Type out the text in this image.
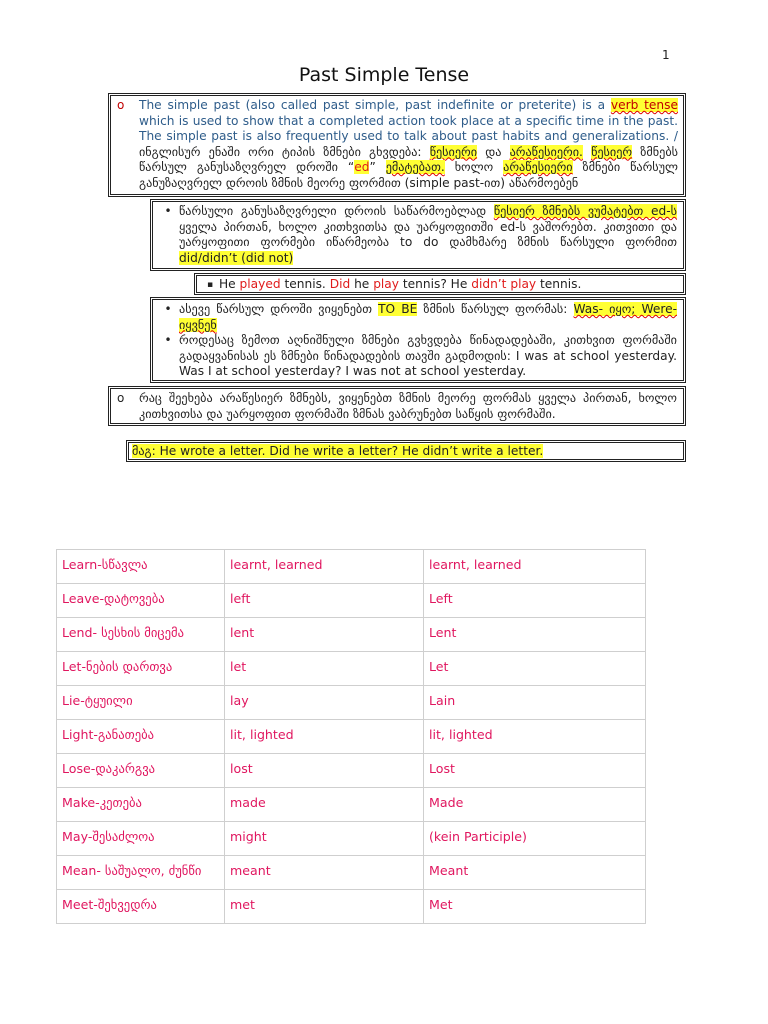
1
Past Simple Tense
o	The simple past (also called past simple, past indefinite or preterite) is a verb tense which is used to show that a completed action took place at a specific time in the past. The simple past is also frequently used to talk about past habits and generalizations. / ინგლისურ ენაში ორი ტიპის ზმნები გხვდება: წესიერი და არაწესიერი. წესიერ ზმნებს წარსულ განუსაზღვრელ დროში “ed” ემატებათ. ხოლო არაწესიერი ზმნები წარსულ განუზაღვრელ დროის ზმნის მეორე ფორმით (simple past-ით) აწარმოებენ
• წარსული განუსაზღვრელი დროის საწარმოებლად წესიერ ზმნებს ვუმატებთ ed-ს ყველა პირთან, ხოლო კითხვითსა და უარყოფითში ed-ს ვაშორებთ. კითვითი და უარყოფითი ფორმები იწარმეობა to do დამხმარე ზმნის წარსული ფორმით did/didn’t (did not)
▪ He played tennis. Did he play tennis? He didn’t play tennis.
• ასევე წარსულ დროში ვიყენებთ TO BE ზმნის წარსულ ფორმას: Was- იყო; Were- იყვნენ
• როდესაც ზემოთ აღნიშნული ზმნები გვხვდება წინადადებაში, კითხვით ფორმაში გადაყვანისას ეს ზმნები წინადადების თავში გადმოდის: I was at school yesterday. Was I at school yesterday? I was not at school yesterday.
o	რაც შეეხება არაწესიერ ზმნებს, ვიყენებთ ზმნის მეორე ფორმას ყველა პირთან, ხოლო კითხვითსა და უარყოფით ფორმაში ზმნას ვაბრუნებთ საწყის ფორმაში.
მაგ: He wrote a letter. Did he write a letter? He didn’t write a letter.
Learn-სწავლა	learnt, learned	learnt, learned
Leave-დატოვება	left	Left
Lend- სესხის მიცემა	lent	Lent
Let-ნების დართვა	let	Let
Lie-ტყუილი	lay	Lain
Light-განათება	lit, lighted	lit, lighted
Lose-დაკარგვა	lost	Lost
Make-კეთება	made	Made
May-შესაძლოა	might	(kein Participle)
Mean- საშუალო, ძუნწი	meant	Meant
Meet-შეხვედრა	met	Met
